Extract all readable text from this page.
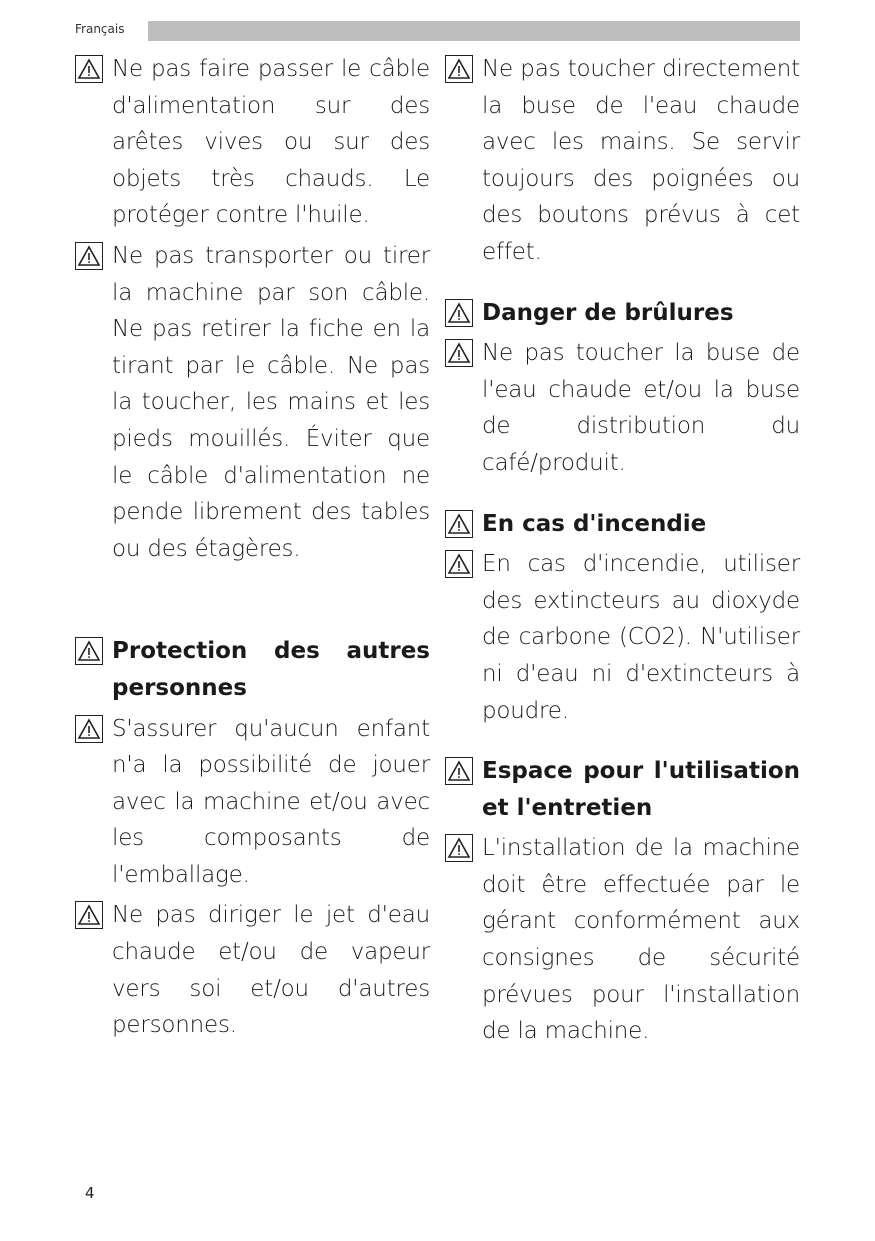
Français
Ne pas faire passer le câble d'alimentation sur des arêtes vives ou sur des objets très chauds. Le protéger contre l'huile.
Ne pas transporter ou tirer la machine par son câble. Ne pas retirer la fiche en la tirant par le câble. Ne pas la toucher, les mains et les pieds mouillés. Éviter que le câble d'alimentation ne pende librement des tables ou des étagères.
Protection des autres personnes
S'assurer qu'aucun enfant n'a la possibilité de jouer avec la machine et/ou avec les composants de l'emballage.
Ne pas diriger le jet d'eau chaude et/ou de vapeur vers soi et/ou d'autres personnes.
Ne pas toucher directement la buse de l'eau chaude avec les mains. Se servir toujours des poignées ou des boutons prévus à cet effet.
Danger de brûlures
Ne pas toucher la buse de l'eau chaude et/ou la buse de distribution du café/produit.
En cas d'incendie
En cas d'incendie, utiliser des extincteurs au dioxyde de carbone (CO2). N'utiliser ni d'eau ni d'extincteurs à poudre.
Espace pour l'utilisation et l'entretien
L'installation de la machine doit être effectuée par le gérant conformément aux consignes de sécurité prévues pour l'installation de la machine.
4
